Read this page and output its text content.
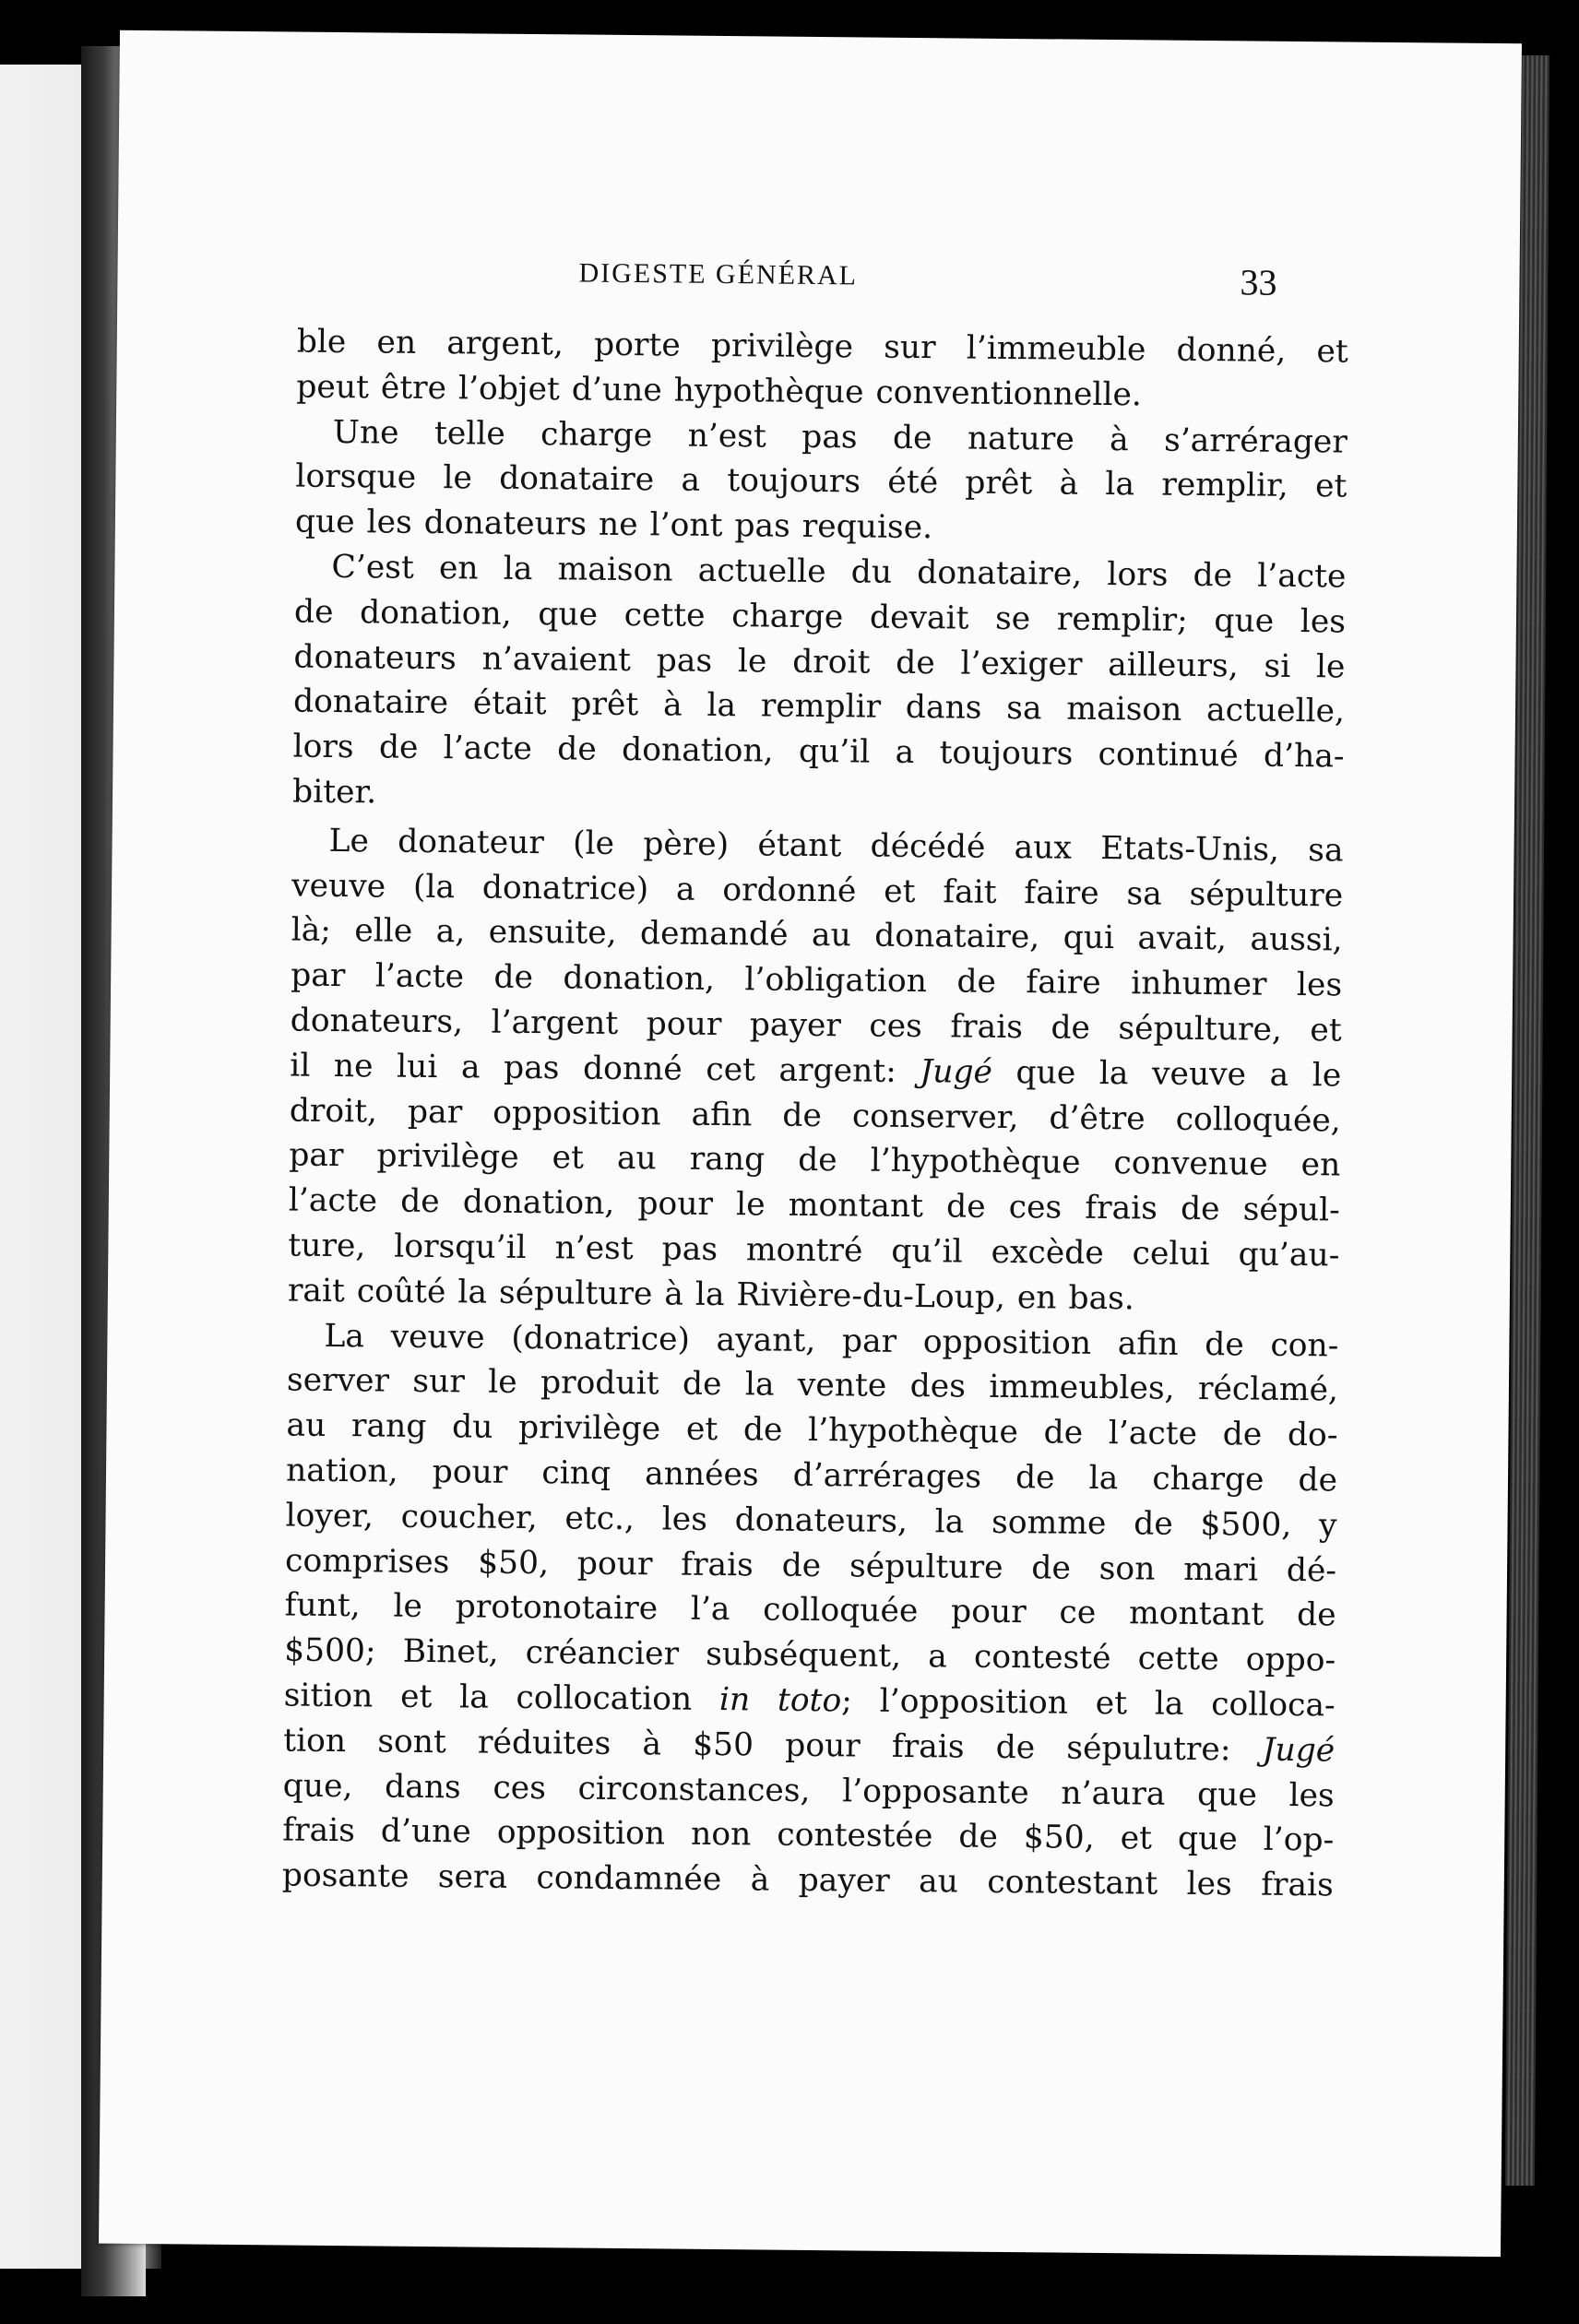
DIGESTE GÉNÉRAL	33

ble en argent, porte privilège sur l’immeuble donné, et
peut être l’objet d’une hypothèque conventionnelle.

Une telle charge n’est pas de nature à s’arrérager
lorsque le donataire a toujours été prêt à la remplir, et
que les donateurs ne l’ont pas requise.

C’est en la maison actuelle du donataire, lors de l’acte
de donation, que cette charge devait se remplir; que les
donateurs n’avaient pas le droit de l’exiger ailleurs, si le
donataire était prêt à la remplir dans sa maison actuelle,
lors de l’acte de donation, qu’il a toujours continué d’ha-
biter.

Le donateur (le père) étant décédé aux Etats-Unis, sa
veuve (la donatrice) a ordonné et fait faire sa sépulture
là; elle a, ensuite, demandé au donataire, qui avait, aussi,
par l’acte de donation, l’obligation de faire inhumer les
donateurs, l’argent pour payer ces frais de sépulture, et
il ne lui a pas donné cet argent: Jugé que la veuve a le
droit, par opposition afin de conserver, d’être colloquée,
par privilège et au rang de l’hypothèque convenue en
l’acte de donation, pour le montant de ces frais de sépul-
ture, lorsqu’il n’est pas montré qu’il excède celui qu’au-
rait coûté la sépulture à la Rivière-du-Loup, en bas.

La veuve (donatrice) ayant, par opposition afin de con-
server sur le produit de la vente des immeubles, réclamé,
au rang du privilège et de l’hypothèque de l’acte de do-
nation, pour cinq années d’arrérages de la charge de
loyer, coucher, etc., les donateurs, la somme de $500, y
comprises $50, pour frais de sépulture de son mari dé-
funt, le protonotaire l’a colloquée pour ce montant de
$500; Binet, créancier subséquent, a contesté cette oppo-
sition et la collocation in toto; l’opposition et la colloca-
tion sont réduites à $50 pour frais de sépulutre: Jugé
que, dans ces circonstances, l’opposante n’aura que les
frais d’une opposition non contestée de $50, et que l’op-
posante sera condamnée à payer au contestant les frais
